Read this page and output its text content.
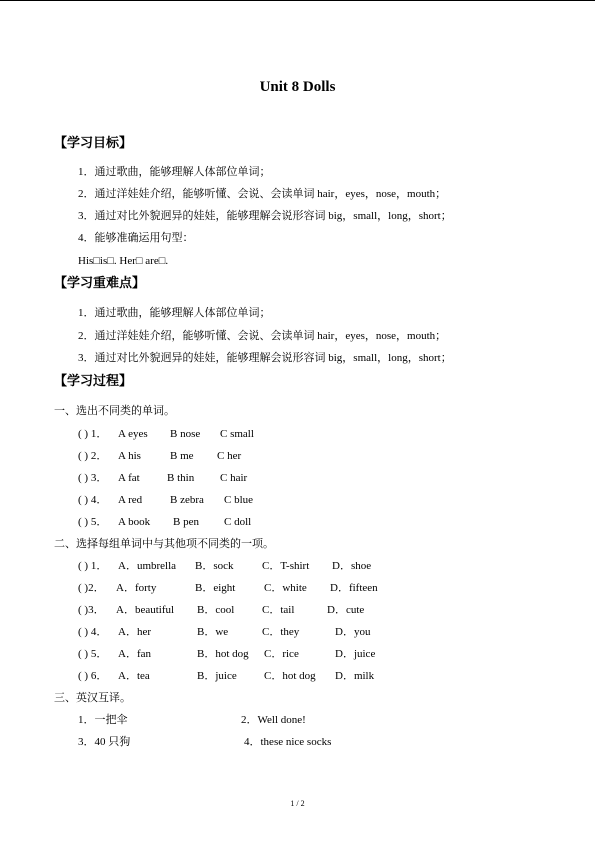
Unit 8 Dolls
【学习目标】
1．通过歌曲，能够理解人体部位单词；
2．通过洋娃娃介绍，能够听懂、会说、会读单词 hair，eyes，nose，mouth；
3．通过对比外貌迥异的娃娃，能够理解会说形容词 big，small，long，short；
4．能够准确运用句型：
His□is□. Her□ are□.
【学习重难点】
1．通过歌曲，能够理解人体部位单词；
2．通过洋娃娃介绍，能够听懂、会说、会读单词 hair，eyes，nose，mouth；
3．通过对比外貌迥异的娃娃，能够理解会说形容词 big，small，long，short；
【学习过程】
一、选出不同类的单词。
( ) 1． A eyes B nose C small
( ) 2． A his	B me C her
( ) 3． A fat B thin C hair
( ) 4． A red	B zebra C blue
( ) 5． A book B pen C doll
二、选择每组单词中与其他项不同类的一项。
( ) 1． A．umbrella B．sock	C．T-shirt D．shoe
( )2． A．forty	B．eight	C．white D．fifteen
( )3． A．beautiful B．cool	C．tail	D．cute
( ) 4． A．her	B．we	C．they	D．you
( ) 5． A．fan	B．hot dog C．rice	D．juice
( ) 6． A．tea	B．juice C．hot dog D．milk
三、英汉互译。
1．一把伞	2．Well done!
3．40 只狗	4．these nice socks
1 / 2
